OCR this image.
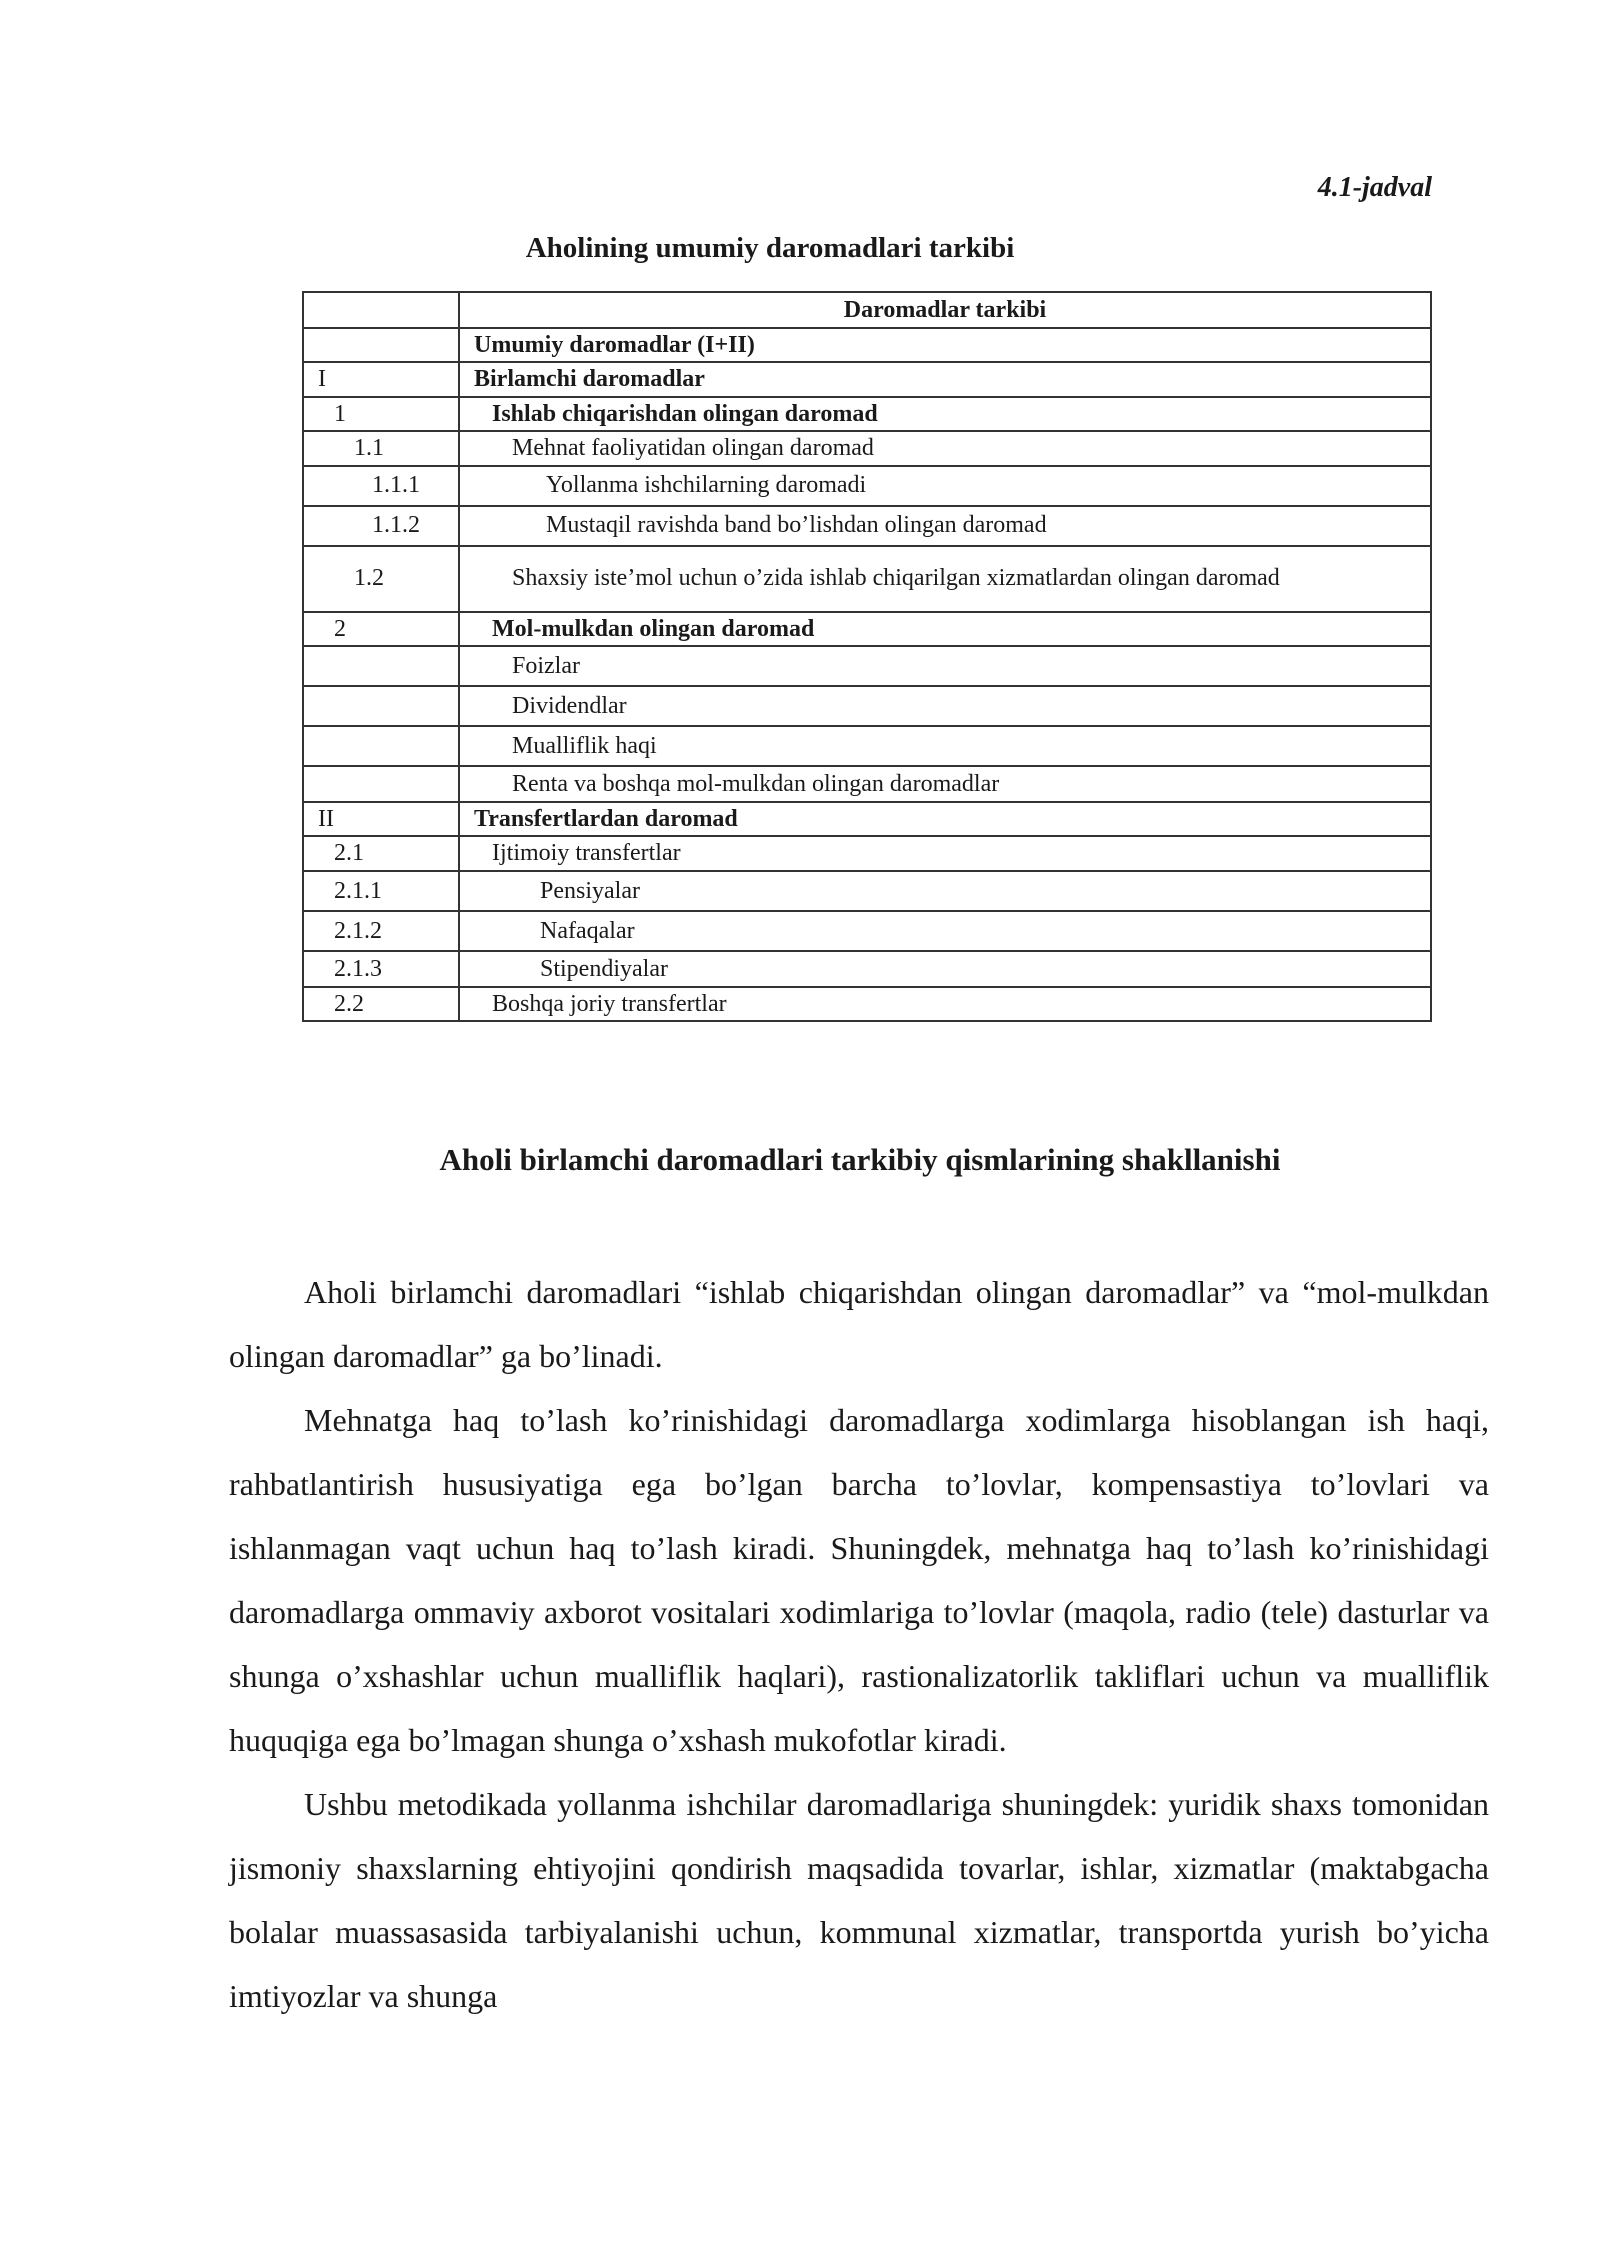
4.1-jadval
Aholining umumiy daromadlari tarkibi
	Daromadlar tarkibi
	Umumiy daromadlar (I+II)
I	Birlamchi daromadlar
1	Ishlab chiqarishdan olingan daromad
1.1	Mehnat faoliyatidan olingan daromad
1.1.1	Yollanma ishchilarning daromadi
1.1.2	Mustaqil ravishda band bo’lishdan olingan daromad
1.2	Shaxsiy iste’mol uchun o’zida ishlab chiqarilgan xizmatlardan olingan daromad
2	Mol-mulkdan olingan daromad
	Foizlar
	Dividendlar
	Mualliflik haqi
	Renta va boshqa mol-mulkdan olingan daromadlar
II	Transfertlardan daromad
2.1	Ijtimoiy transfertlar
2.1.1	Pensiyalar
2.1.2	Nafaqalar
2.1.3	Stipendiyalar
2.2	Boshqa joriy transfertlar
Aholi birlamchi daromadlari tarkibiy qismlarining shakllanishi

Aholi birlamchi daromadlari “ishlab chiqarishdan olingan daromadlar” va “mol-mulkdan olingan daromadlar” ga bo’linadi.

Mehnatga haq to’lash ko’rinishidagi daromadlarga xodimlarga hisoblangan ish haqi, rahbatlantirish hususiyatiga ega bo’lgan barcha to’lovlar, kompensastiya to’lovlari va ishlanmagan vaqt uchun haq to’lash kiradi. Shuningdek, mehnatga haq to’lash ko’rinishidagi daromadlarga ommaviy axborot vositalari xodimlariga to’lovlar (maqola, radio (tele) dasturlar va shunga o’xshashlar uchun mualliflik haqlari), rastionalizatorlik takliflari uchun va mualliflik huquqiga ega bo’lmagan shunga o’xshash mukofotlar kiradi.

Ushbu metodikada yollanma ishchilar daromadlariga shuningdek: yuridik shaxs tomonidan jismoniy shaxslarning ehtiyojini qondirish maqsadida tovarlar, ishlar, xizmatlar (maktabgacha bolalar muassasasida tarbiyalanishi uchun, kommunal xizmatlar, transportda yurish bo’yicha imtiyozlar va shunga
